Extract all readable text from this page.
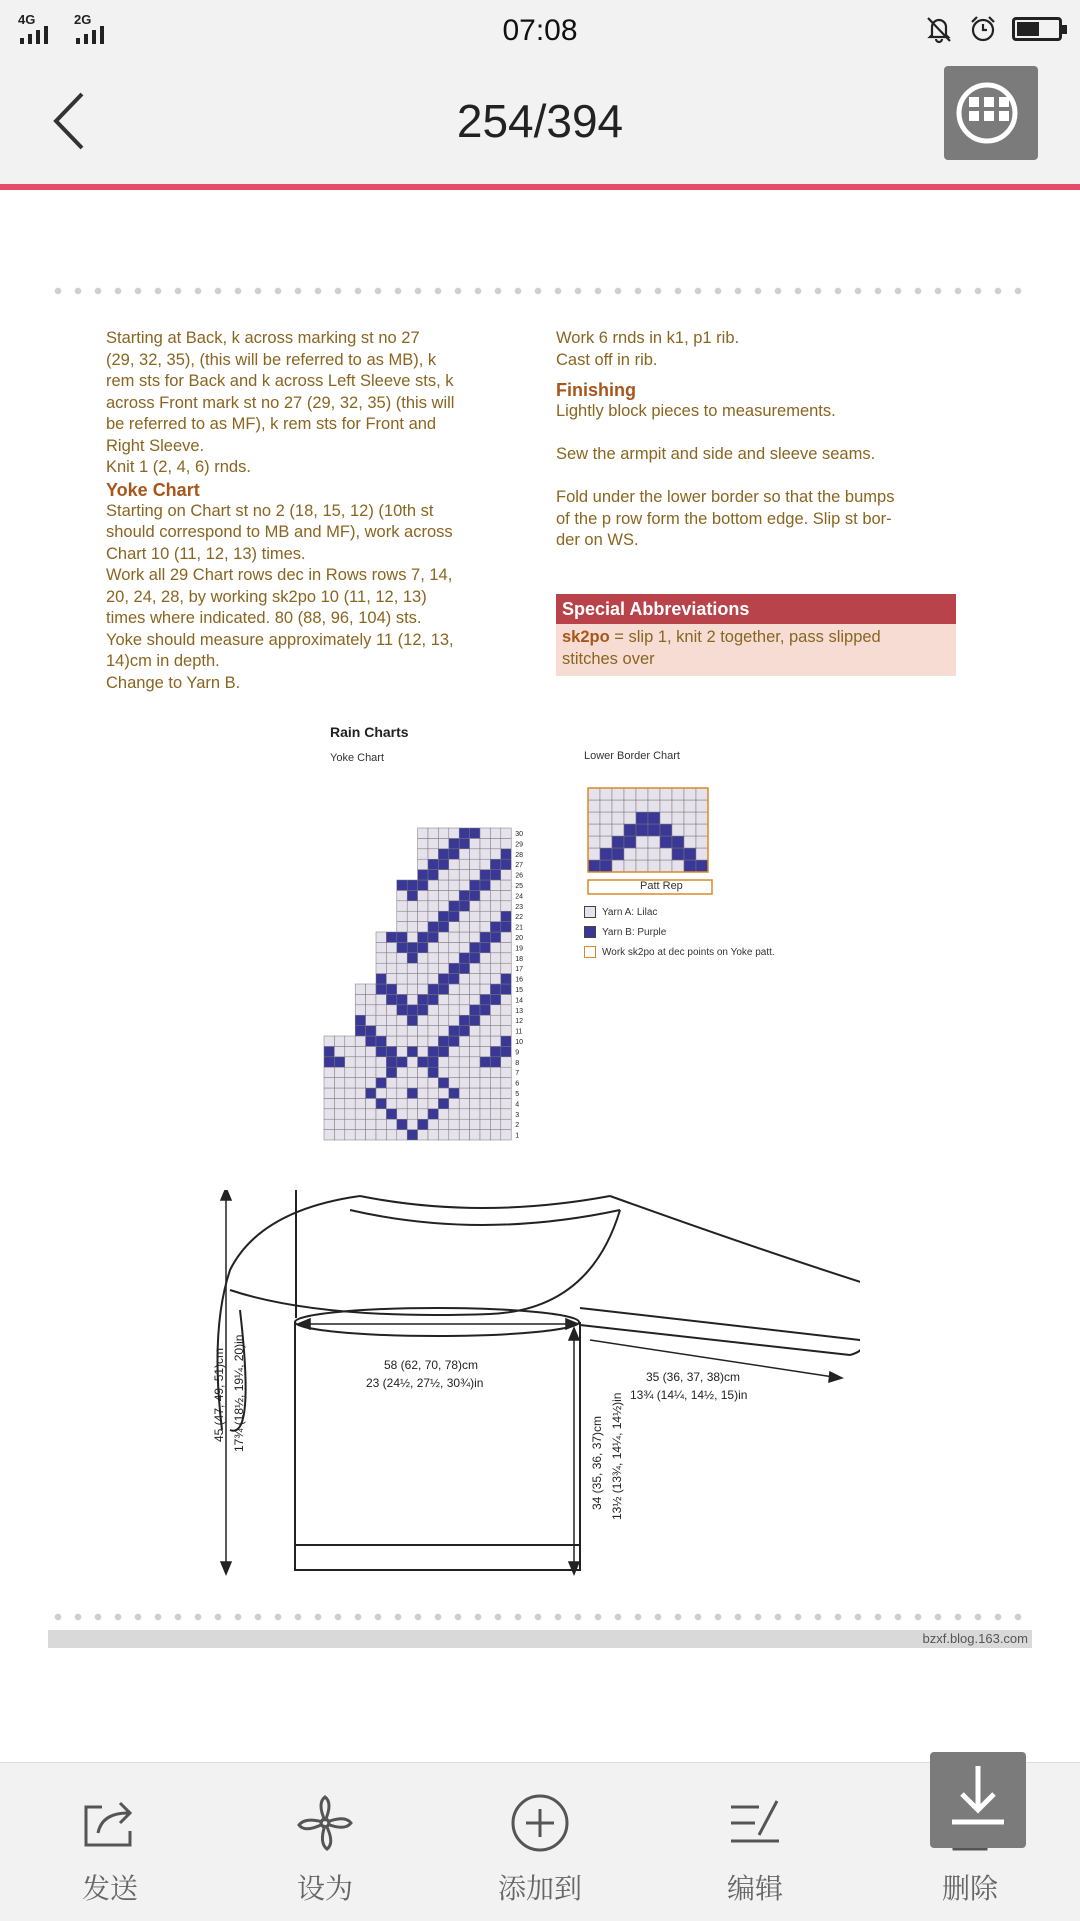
4G	2G	07:08
254/394

Starting at Back, k across marking st no 27

(29, 32, 35), (this will be referred to as MB), k

rem sts for Back and k across Left Sleeve sts, k

across Front mark st no 27 (29, 32, 35) (this will

be referred to as MF), k rem sts for Front and

Right Sleeve.

Knit 1 (2, 4, 6) rnds.

Yoke Chart

Starting on Chart st no 2 (18, 15, 12) (10th st

should correspond to MB and MF), work across

Chart 10 (11, 12, 13) times.

Work all 29 Chart rows dec in Rows rows 7, 14,

20, 24, 28, by working sk2po 10 (11, 12, 13)

times where indicated. 80 (88, 96, 104) sts.

Yoke should measure approximately 11 (12, 13,

14)cm in depth.

Change to Yarn B.

Work 6 rnds in k1, p1 rib.

Cast off in rib.

Finishing

Lightly block pieces to measurements.

Sew the armpit and side and sleeve seams.

Fold under the lower border so that the bumps

of the p row form the bottom edge. Slip st bor-

der on WS.

Special Abbreviations
sk2po = slip 1, knit 2 together, pass slipped
stitches over
Rain Charts
Yoke Chart	Lower Border Chart
1
2
3
4
5
6
7
8
9
10
11
12
13
14
15
16
17
18
19
20
21
22
23
24
25
26
27
28
29
30
Patt Rep
Yarn A: Lilac
Yarn B: Purple
Work sk2po at dec points on Yoke patt.
58 (62, 70, 78)cm
23 (24½, 27½, 30¾)in	35 (36, 37, 38)cm
13¾ (14¼, 14½, 15)in
45 (47, 49, 51)cm 17¾ (18½, 19¼, 20)in
34 (35, 36, 37)cm 13½ (13¾, 14¼, 14½)in
bzxf.blog.163.com
发送	设为	添加到	编辑	删除
